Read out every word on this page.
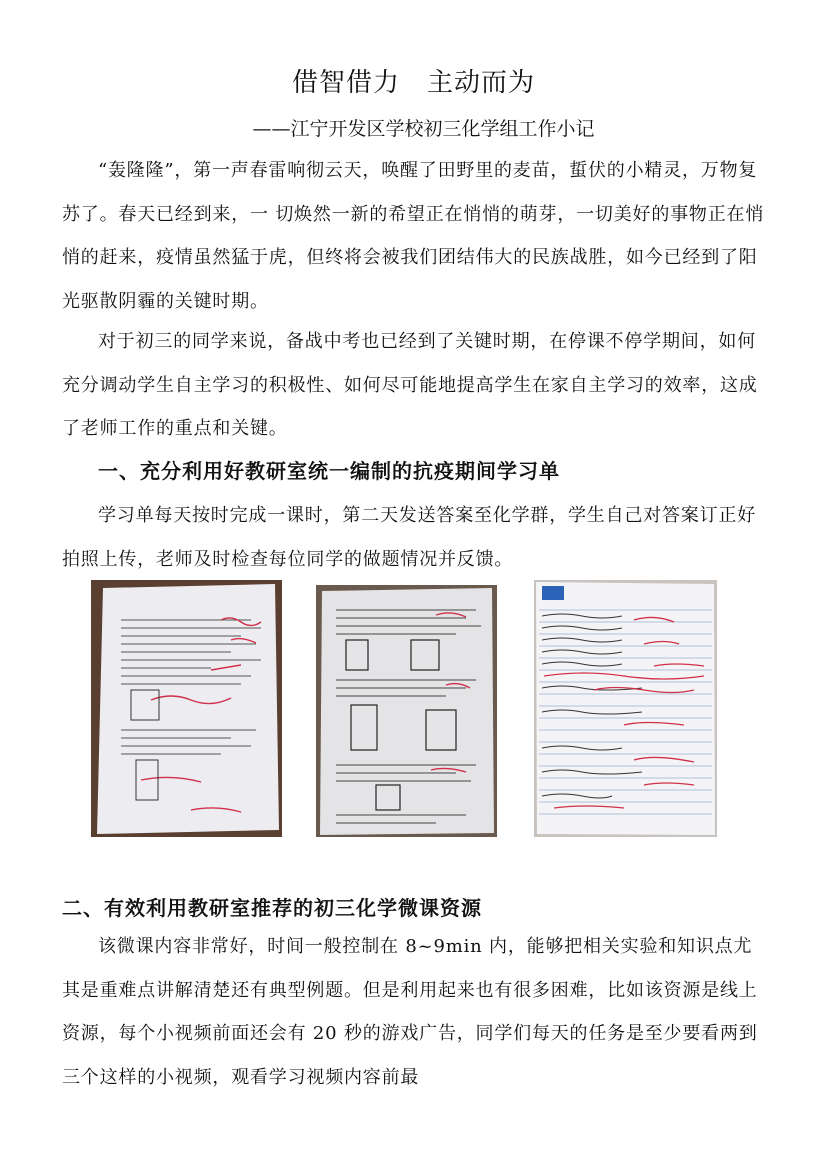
借智借力　主动而为
——江宁开发区学校初三化学组工作小记

“轰隆隆”，第一声春雷响彻云天，唤醒了田野里的麦苗，蜇伏的小精灵，万物复苏了。春天已经到来，一 切焕然一新的希望正在悄悄的萌芽，一切美好的事物正在悄悄的赶来，疫情虽然猛于虎，但终将会被我们团结伟大的民族战胜，如今已经到了阳光驱散阴霾的关键时期。

对于初三的同学来说，备战中考也已经到了关键时期，在停课不停学期间，如何充分调动学生自主学习的积极性、如何尽可能地提高学生在家自主学习的效率，这成了老师工作的重点和关键。

一、充分利用好教研室统一编制的抗疫期间学习单

学习单每天按时完成一课时，第二天发送答案至化学群，学生自己对答案订正好拍照上传，老师及时检查每位同学的做题情况并反馈。

二、有效利用教研室推荐的初三化学微课资源

该微课内容非常好，时间一般控制在 8~9min 内，能够把相关实验和知识点尤其是重难点讲解清楚还有典型例题。但是利用起来也有很多困难，比如该资源是线上资源，每个小视频前面还会有 20 秒的游戏广告，同学们每天的任务是至少要看两到三个这样的小视频，观看学习视频内容前最
